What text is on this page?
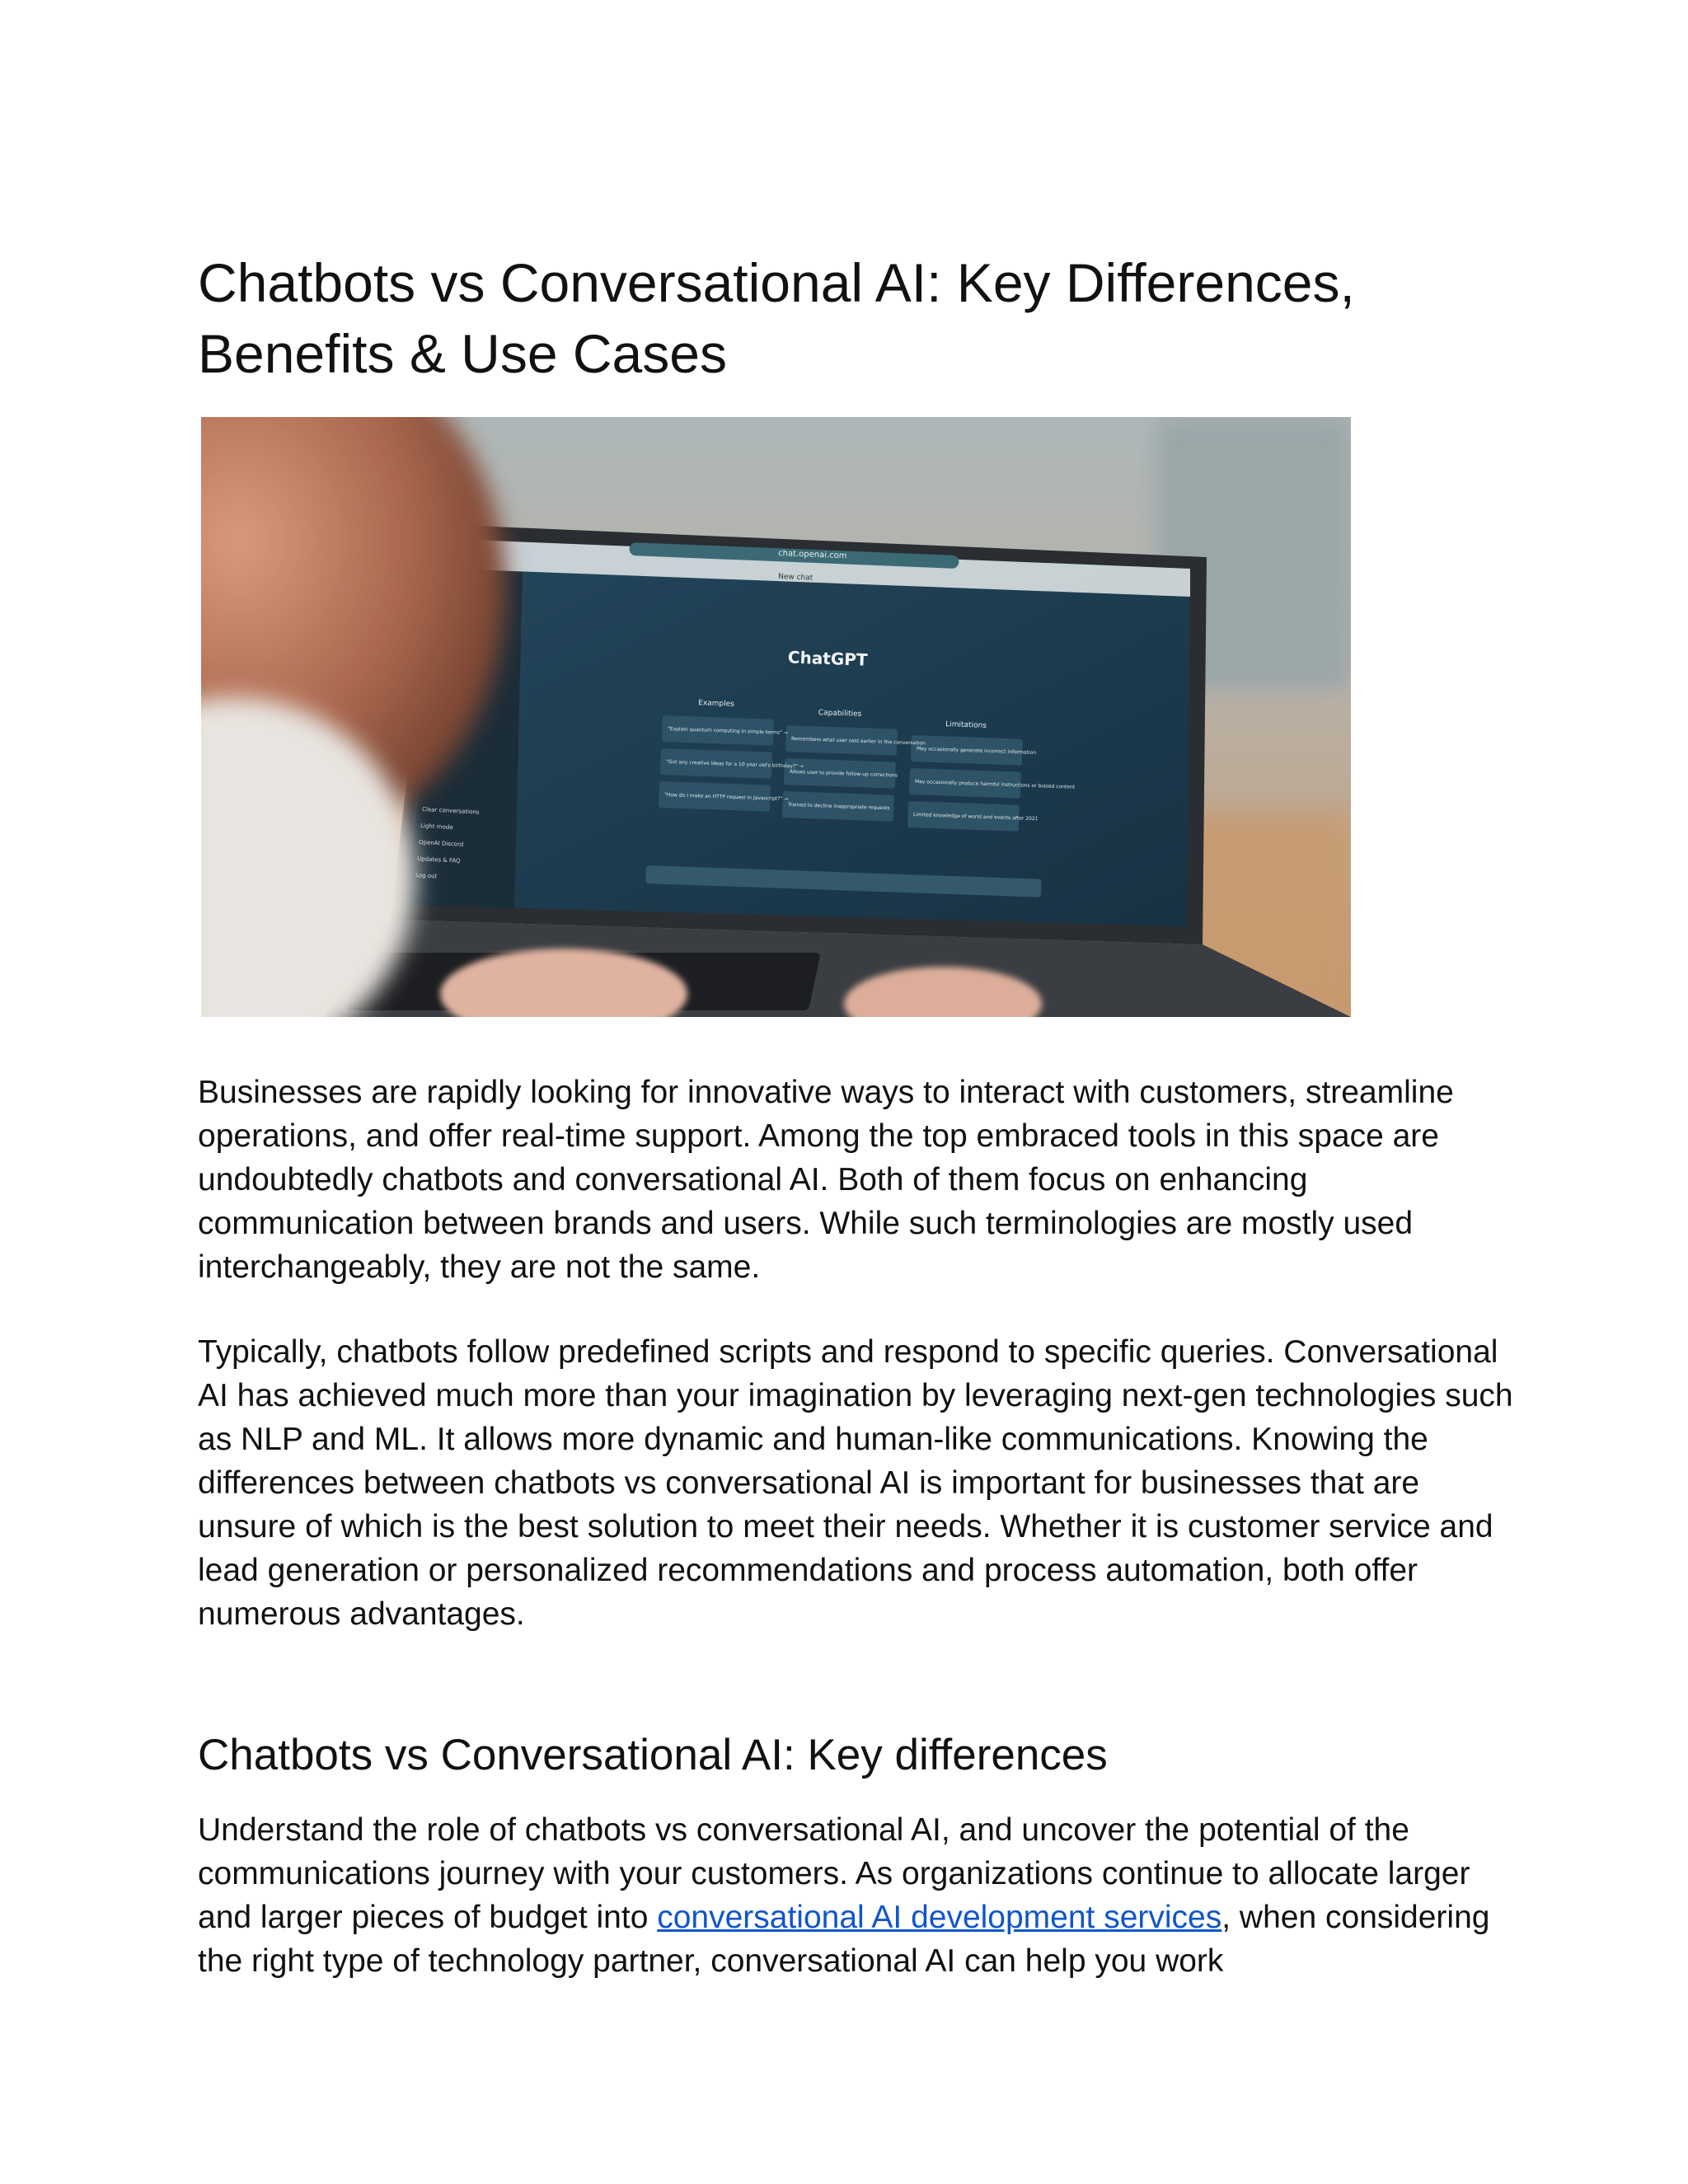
Chatbots vs Conversational AI: Key Differences, Benefits & Use Cases
chat.openai.com
New chat
Clear conversations
Light mode
OpenAI Discord
Updates & FAQ
Log out
ChatGPT
Examples
Capabilities
Limitations
"Explain quantum computing in simple terms" →
"Got any creative ideas for a 10 year old's birthday?" →
"How do I make an HTTP request in Javascript?" →
Remembers what user said earlier in the conversation
Allows user to provide follow-up corrections
Trained to decline inappropriate requests
May occasionally generate incorrect information
May occasionally produce harmful instructions or biased content
Limited knowledge of world and events after 2021

Businesses are rapidly looking for innovative ways to interact with customers, streamline operations, and offer real-time support. Among the top embraced tools in this space are undoubtedly chatbots and conversational AI. Both of them focus on enhancing communication between brands and users. While such terminologies are mostly used interchangeably, they are not the same.

Typically, chatbots follow predefined scripts and respond to specific queries. Conversational AI has achieved much more than your imagination by leveraging next-gen technologies such as NLP and ML. It allows more dynamic and human-like communications. Knowing the differences between chatbots vs conversational AI is important for businesses that are unsure of which is the best solution to meet their needs. Whether it is customer service and lead generation or personalized recommendations and process automation, both offer numerous advantages.

Chatbots vs Conversational AI: Key differences

Understand the role of chatbots vs conversational AI, and uncover the potential of the communications journey with your customers. As organizations continue to allocate larger and larger pieces of budget into conversational AI development services, when considering the right type of technology partner, conversational AI can help you work
